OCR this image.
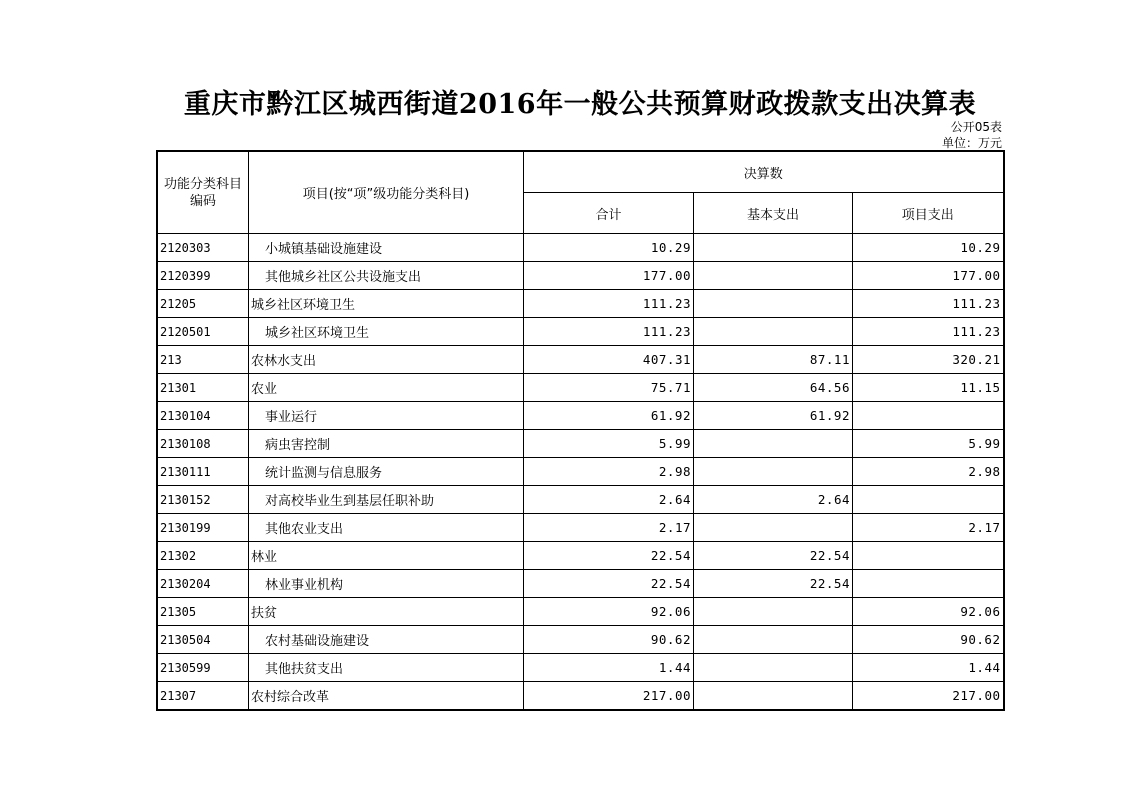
重庆市黔江区城西街道2016年一般公共预算财政拨款支出决算表
公开05表
单位：万元
功能分类科目编码	项目(按“项”级功能分类科目)	决算数		
		合计	基本支出	项目支出
2120303	小城镇基础设施建设	10.29		10.29
2120399	其他城乡社区公共设施支出	177.00		177.00
21205	城乡社区环境卫生	111.23		111.23
2120501	城乡社区环境卫生	111.23		111.23
213	农林水支出	407.31	87.11	320.21
21301	农业	75.71	64.56	11.15
2130104	事业运行	61.92	61.92	
2130108	病虫害控制	5.99		5.99
2130111	统计监测与信息服务	2.98		2.98
2130152	对高校毕业生到基层任职补助	2.64	2.64	
2130199	其他农业支出	2.17		2.17
21302	林业	22.54	22.54	
2130204	林业事业机构	22.54	22.54	
21305	扶贫	92.06		92.06
2130504	农村基础设施建设	90.62		90.62
2130599	其他扶贫支出	1.44		1.44
21307	农村综合改革	217.00		217.00
